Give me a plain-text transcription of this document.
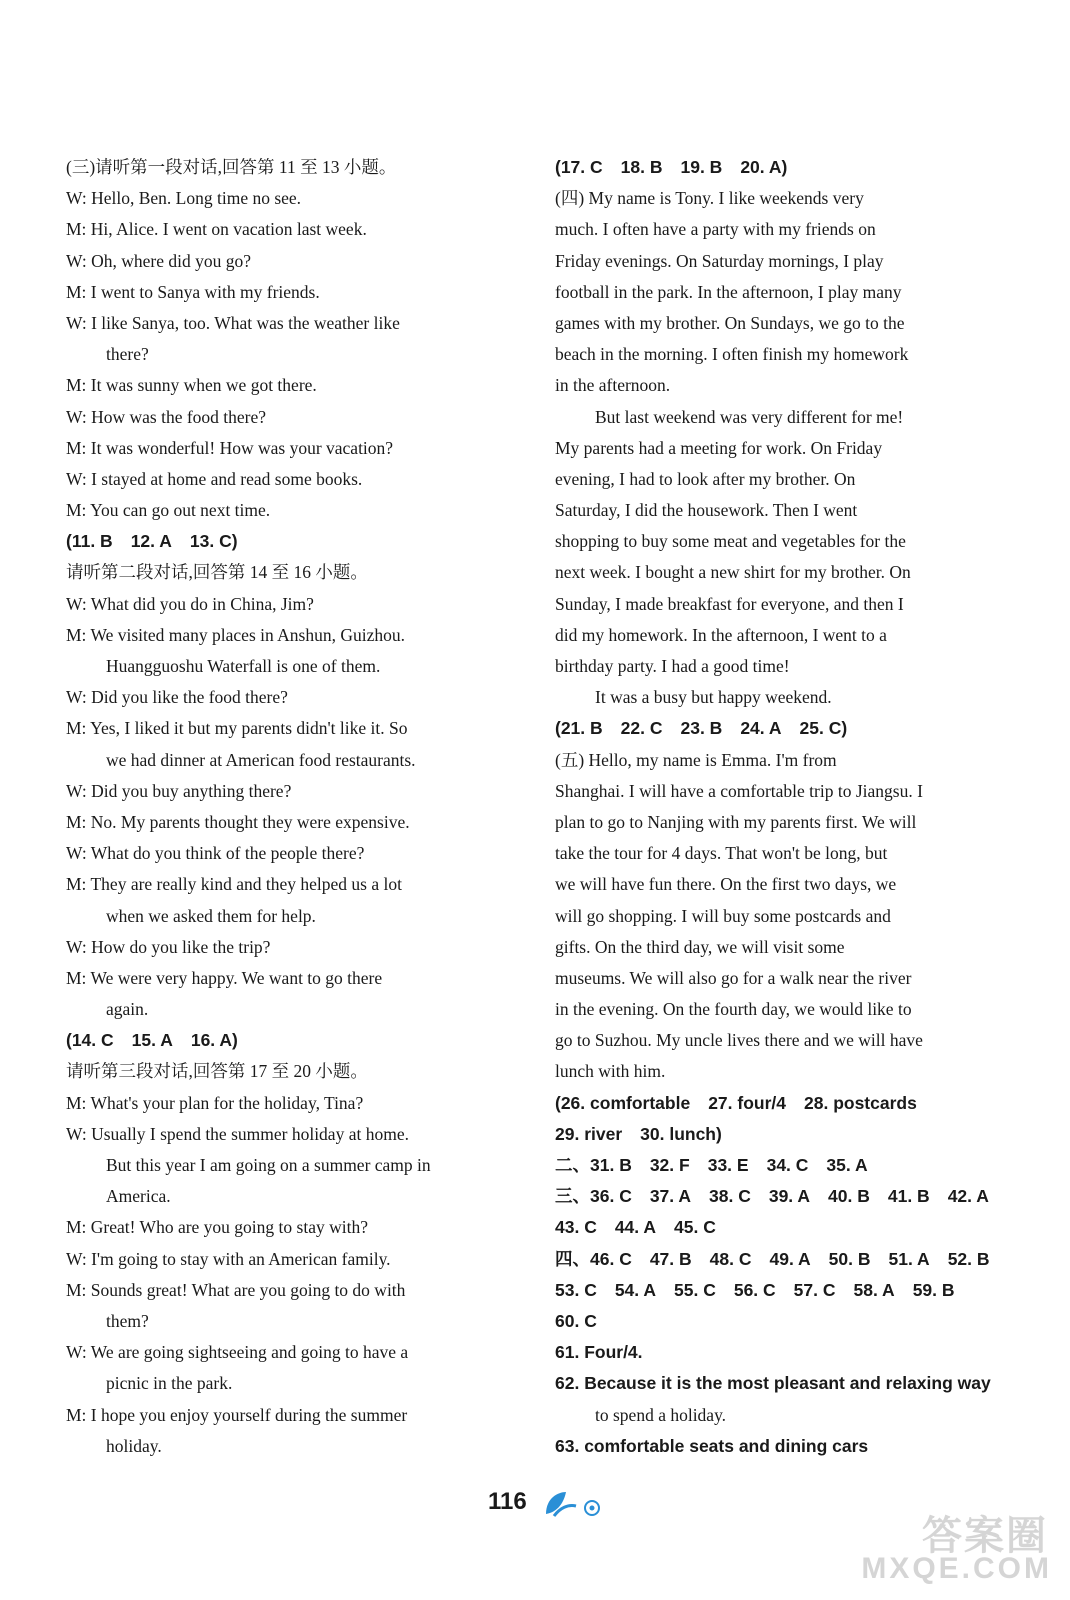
(三)请听第一段对话,回答第 11 至 13 小题。
W: Hello, Ben. Long time no see.
M: Hi, Alice. I went on vacation last week.
W: Oh, where did you go?
M: I went to Sanya with my friends.
W: I like Sanya, too. What was the weather like
there?
M: It was sunny when we got there.
W: How was the food there?
M: It was wonderful! How was your vacation?
W: I stayed at home and read some books.
M: You can go out next time.
(11. B 12. A 13. C)
请听第二段对话,回答第 14 至 16 小题。
W: What did you do in China, Jim?
M: We visited many places in Anshun, Guizhou.
Huangguoshu Waterfall is one of them.
W: Did you like the food there?
M: Yes, I liked it but my parents didn't like it. So
we had dinner at American food restaurants.
W: Did you buy anything there?
M: No. My parents thought they were expensive.
W: What do you think of the people there?
M: They are really kind and they helped us a lot
when we asked them for help.
W: How do you like the trip?
M: We were very happy. We want to go there
again.
(14. C 15. A 16. A)
请听第三段对话,回答第 17 至 20 小题。
M: What's your plan for the holiday, Tina?
W: Usually I spend the summer holiday at home.
But this year I am going on a summer camp in
America.
M: Great! Who are you going to stay with?
W: I'm going to stay with an American family.
M: Sounds great! What are you going to do with
them?
W: We are going sightseeing and going to have a
picnic in the park.
M: I hope you enjoy yourself during the summer
holiday.
(17. C 18. B 19. B 20. A)
(四) My name is Tony. I like weekends very
much. I often have a party with my friends on
Friday evenings. On Saturday mornings, I play
football in the park. In the afternoon, I play many
games with my brother. On Sundays, we go to the
beach in the morning. I often finish my homework
in the afternoon.
But last weekend was very different for me!
My parents had a meeting for work. On Friday
evening, I had to look after my brother. On
Saturday, I did the housework. Then I went
shopping to buy some meat and vegetables for the
next week. I bought a new shirt for my brother. On
Sunday, I made breakfast for everyone, and then I
did my homework. In the afternoon, I went to a
birthday party. I had a good time!
It was a busy but happy weekend.
(21. B 22. C 23. B 24. A 25. C)
(五) Hello, my name is Emma. I'm from
Shanghai. I will have a comfortable trip to Jiangsu. I
plan to go to Nanjing with my parents first. We will
take the tour for 4 days. That won't be long, but
we will have fun there. On the first two days, we
will go shopping. I will buy some postcards and
gifts. On the third day, we will visit some
museums. We will also go for a walk near the river
in the evening. On the fourth day, we would like to
go to Suzhou. My uncle lives there and we will have
lunch with him.
(26. comfortable 27. four/4 28. postcards
29. river 30. lunch)
二、31. B 32. F 33. E 34. C 35. A
三、36. C 37. A 38. C 39. A 40. B 41. B 42. A
43. C 44. A 45. C
四、46. C 47. B 48. C 49. A 50. B 51. A 52. B
53. C 54. A 55. C 56. C 57. C 58. A 59. B
60. C
61. Four/4.
62. Because it is the most pleasant and relaxing way
to spend a holiday.
63. comfortable seats and dining cars
116
答案圈
MXQE.COM
